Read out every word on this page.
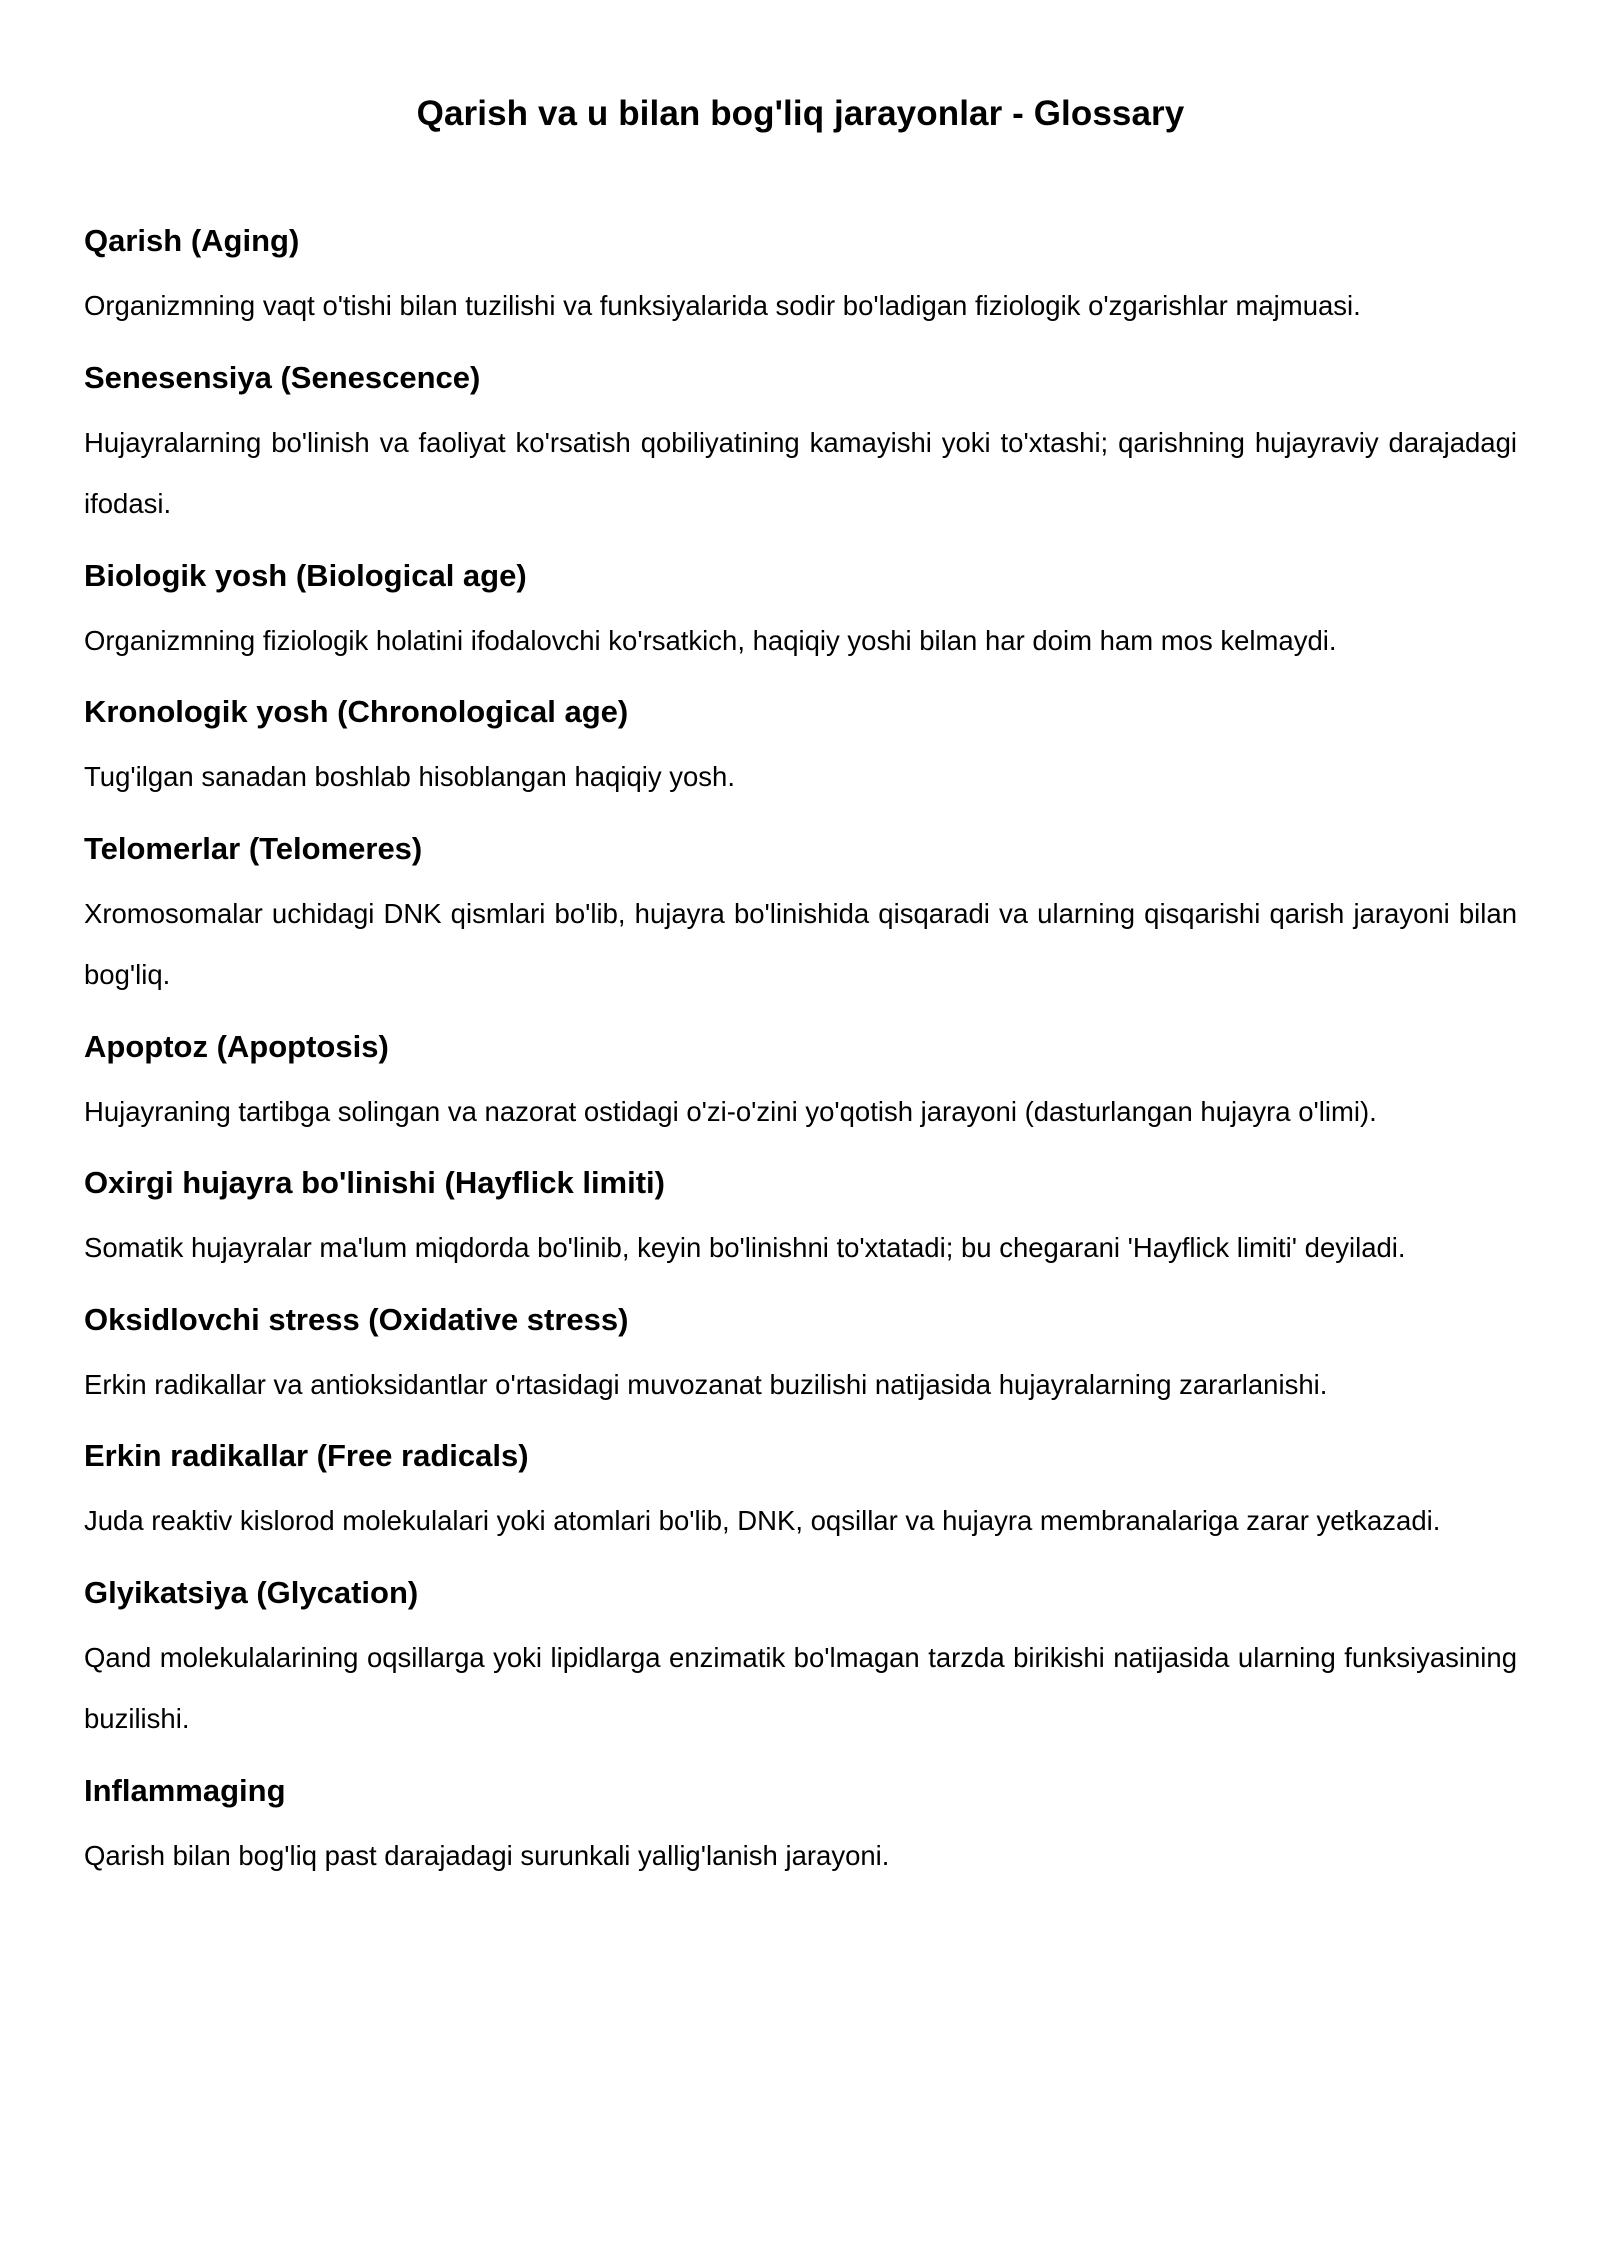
Qarish va u bilan bog'liq jarayonlar - Glossary
Qarish (Aging)

Organizmning vaqt o'tishi bilan tuzilishi va funksiyalarida sodir bo'ladigan fiziologik o'zgarishlar majmuasi.

Senesensiya (Senescence)

Hujayralarning bo'linish va faoliyat ko'rsatish qobiliyatining kamayishi yoki to'xtashi; qarishning hujayraviy darajadagi ifodasi.

Biologik yosh (Biological age)

Organizmning fiziologik holatini ifodalovchi ko'rsatkich, haqiqiy yoshi bilan har doim ham mos kelmaydi.

Kronologik yosh (Chronological age)

Tug'ilgan sanadan boshlab hisoblangan haqiqiy yosh.

Telomerlar (Telomeres)

Xromosomalar uchidagi DNK qismlari bo'lib, hujayra bo'linishida qisqaradi va ularning qisqarishi qarish jarayoni bilan bog'liq.

Apoptoz (Apoptosis)

Hujayraning tartibga solingan va nazorat ostidagi o'zi-o'zini yo'qotish jarayoni (dasturlangan hujayra o'limi).

Oxirgi hujayra bo'linishi (Hayflick limiti)

Somatik hujayralar ma'lum miqdorda bo'linib, keyin bo'linishni to'xtatadi; bu chegarani 'Hayflick limiti' deyiladi.

Oksidlovchi stress (Oxidative stress)

Erkin radikallar va antioksidantlar o'rtasidagi muvozanat buzilishi natijasida hujayralarning zararlanishi.

Erkin radikallar (Free radicals)

Juda reaktiv kislorod molekulalari yoki atomlari bo'lib, DNK, oqsillar va hujayra membranalariga zarar yetkazadi.

Glyikatsiya (Glycation)

Qand molekulalarining oqsillarga yoki lipidlarga enzimatik bo'lmagan tarzda birikishi natijasida ularning funksiyasining buzilishi.

Inflammaging

Qarish bilan bog'liq past darajadagi surunkali yallig'lanish jarayoni.
